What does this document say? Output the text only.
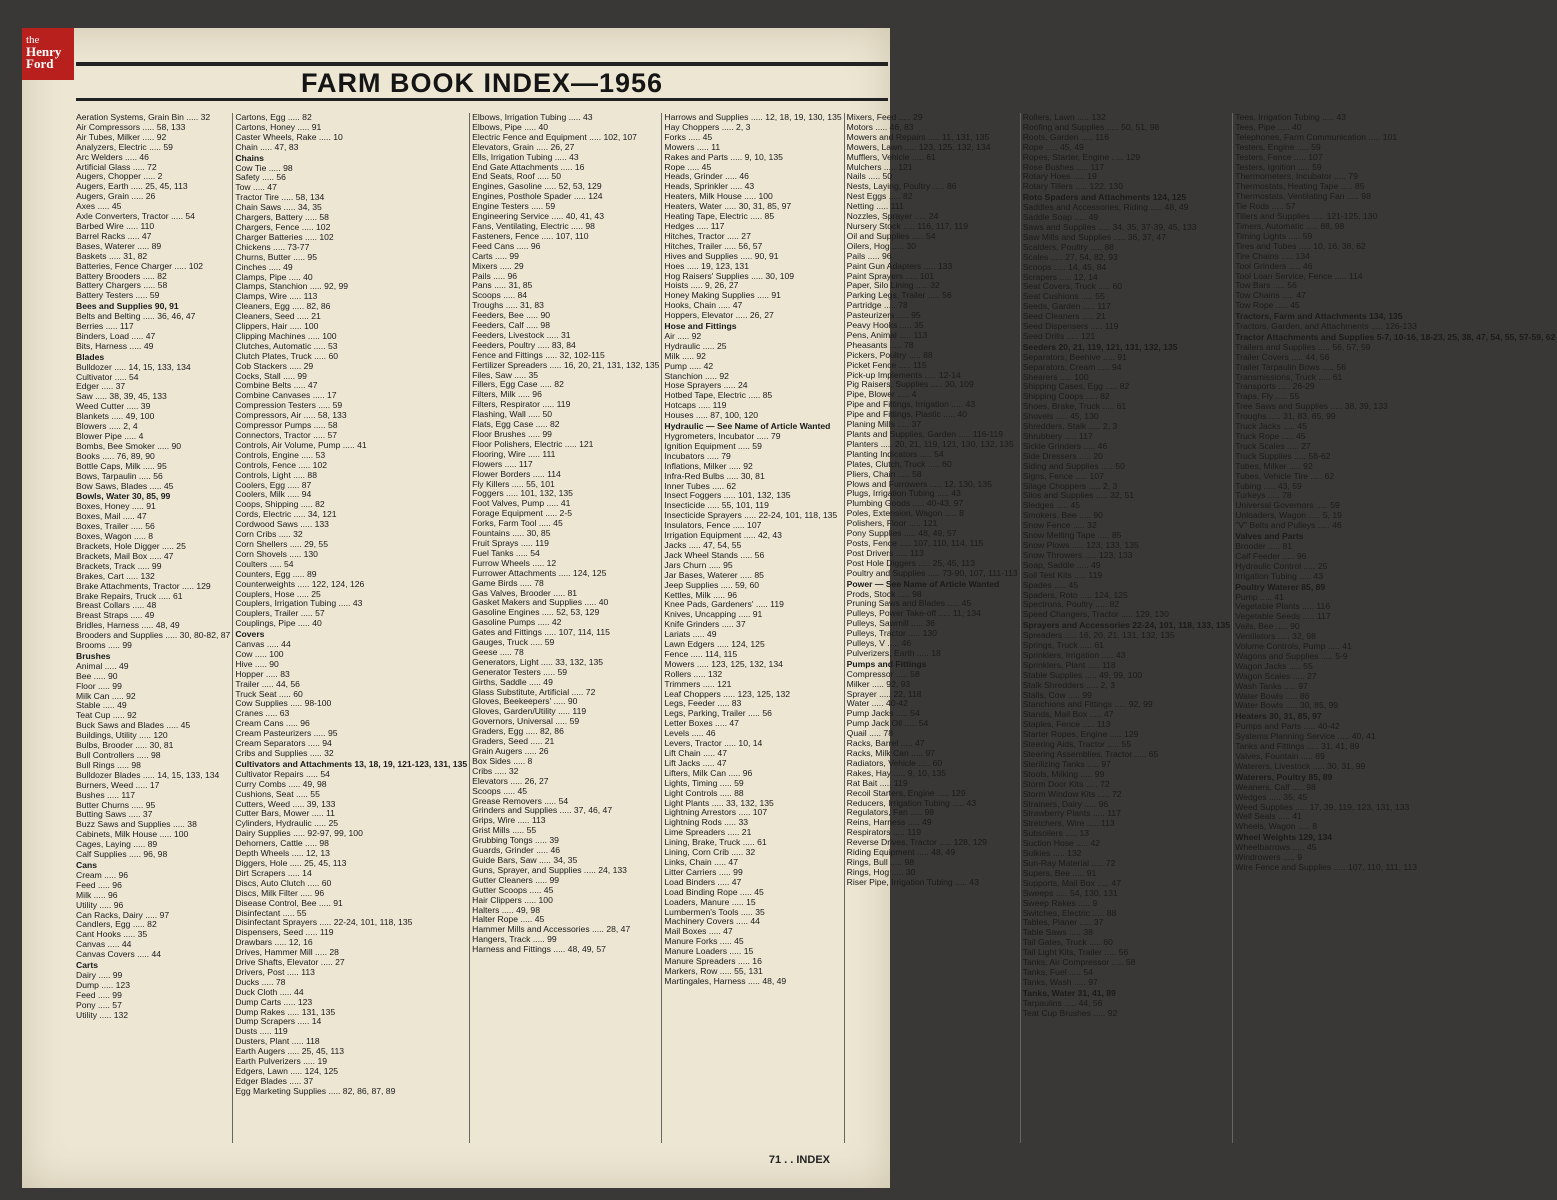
the
Henry
Ford
FARM BOOK INDEX—1956
Aeration Systems, Grain Bin ..... 32
Air Compressors ..... 58, 133
Air Tubes, Milker ..... 92
Analyzers, Electric ..... 59
Arc Welders ..... 46
Artificial Glass ..... 72
Augers, Chopper ..... 2
Augers, Earth ..... 25, 45, 113
Augers, Grain ..... 26
Axes ..... 45
Axle Converters, Tractor ..... 54
Barbed Wire ..... 110
Barrel Racks ..... 47
Bases, Waterer ..... 89
Baskets ..... 31, 82
Batteries, Fence Charger ..... 102
Battery Brooders ..... 82
Battery Chargers ..... 58
Battery Testers ..... 59
Bees and Supplies 90, 91
Belts and Belting ..... 36, 46, 47
Berries ..... 117
Binders, Load ..... 47
Bits, Harness ..... 49
Blades
Bulldozer ..... 14, 15, 133, 134
Cultivator ..... 54
Edger ..... 37
Saw ..... 38, 39, 45, 133
Weed Cutter ..... 39
Blankets ..... 49, 100
Blowers ..... 2, 4
Blower Pipe ..... 4
Bombs, Bee Smoker ..... 90
Books ..... 76, 89, 90
Bottle Caps, Milk ..... 95
Bows, Tarpaulin ..... 56
Bow Saws, Blades ..... 45
Bowls, Water 30, 85, 99
Boxes, Honey ..... 91
Boxes, Mail ..... 47
Boxes, Trailer ..... 56
Boxes, Wagon ..... 8
Brackets, Hole Digger ..... 25
Brackets, Mail Box ..... 47
Brackets, Track ..... 99
Brakes, Cart ..... 132
Brake Attachments, Tractor ..... 129
Brake Repairs, Truck ..... 61
Breast Collars ..... 48
Breast Straps ..... 49
Bridles, Harness ..... 48, 49
Brooders and Supplies ..... 30, 80-82, 87
Brooms ..... 99
Brushes
Animal ..... 49
Bee ..... 90
Floor ..... 99
Milk Can ..... 92
Stable ..... 49
Teat Cup ..... 92
Buck Saws and Blades ..... 45
Buildings, Utility ..... 120
Bulbs, Brooder ..... 30, 81
Bull Controllers ..... 98
Bull Rings ..... 98
Bulldozer Blades ..... 14, 15, 133, 134
Burners, Weed ..... 17
Bushes ..... 117
Butter Churns ..... 95
Butting Saws ..... 37
Buzz Saws and Supplies ..... 38
Cabinets, Milk House ..... 100
Cages, Laying ..... 89
Calf Supplies ..... 96, 98
Cans
Cream ..... 96
Feed ..... 96
Milk ..... 96
Utility ..... 96
Can Racks, Dairy ..... 97
Candlers, Egg ..... 82
Cant Hooks ..... 35
Canvas ..... 44
Canvas Covers ..... 44
Carts
Dairy ..... 99
Dump ..... 123
Feed ..... 99
Pony ..... 57
Utility ..... 132
Cartons, Egg ..... 82
Cartons, Honey ..... 91
Caster Wheels, Rake ..... 10
Chain ..... 47, 83
Chains
Cow Tie ..... 98
Safety ..... 56
Tow ..... 47
Tractor Tire ..... 58, 134
Chain Saws ..... 34, 35
Chargers, Battery ..... 58
Chargers, Fence ..... 102
Charger Batteries ..... 102
Chickens ..... 73-77
Churns, Butter ..... 95
Cinches ..... 49
Clamps, Pipe ..... 40
Clamps, Stanchion ..... 92, 99
Clamps, Wire ..... 113
Cleaners, Egg ..... 82, 86
Cleaners, Seed ..... 21
Clippers, Hair ..... 100
Clipping Machines ..... 100
Clutches, Automatic ..... 53
Clutch Plates, Truck ..... 60
Cob Stackers ..... 29
Cocks, Stall ..... 99
Combine Belts ..... 47
Combine Canvases ..... 17
Compression Testers ..... 59
Compressors, Air ..... 58, 133
Compressor Pumps ..... 58
Connectors, Tractor ..... 57
Controls, Air Volume, Pump ..... 41
Controls, Engine ..... 53
Controls, Fence ..... 102
Controls, Light ..... 88
Coolers, Egg ..... 87
Coolers, Milk ..... 94
Coops, Shipping ..... 82
Cords, Electric ..... 34, 121
Cordwood Saws ..... 133
Corn Cribs ..... 32
Corn Shellers ..... 29, 55
Corn Shovels ..... 130
Coulters ..... 54
Counters, Egg ..... 89
Counterweights ..... 122, 124, 126
Couplers, Hose ..... 25
Couplers, Irrigation Tubing ..... 43
Couplers, Trailer ..... 57
Couplings, Pipe ..... 40
Covers
Canvas ..... 44
Cow ..... 100
Hive ..... 90
Hopper ..... 83
Trailer ..... 44, 56
Truck Seat ..... 60
Cow Supplies ..... 98-100
Cranes ..... 63
Cream Cans ..... 96
Cream Pasteurizers ..... 95
Cream Separators ..... 94
Cribs and Supplies ..... 32
Cultivators and Attachments 13, 18, 19, 121-123, 131, 135
Cultivator Repairs ..... 54
Curry Combs ..... 49, 98
Cushions, Seat ..... 55
Cutters, Weed ..... 39, 133
Cutter Bars, Mower ..... 11
Cylinders, Hydraulic ..... 25
Dairy Supplies ..... 92-97, 99, 100
Dehorners, Cattle ..... 98
Depth Wheels ..... 12, 13
Diggers, Hole ..... 25, 45, 113
Dirt Scrapers ..... 14
Discs, Auto Clutch ..... 60
Discs, Milk Filter ..... 96
Disease Control, Bee ..... 91
Disinfectant ..... 55
Disinfectant Sprayers ..... 22-24, 101, 118, 135
Dispensers, Seed ..... 119
Drawbars ..... 12, 16
Drives, Hammer Mill ..... 28
Drive Shafts, Elevator ..... 27
Drivers, Post ..... 113
Ducks ..... 78
Duck Cloth ..... 44
Dump Carts ..... 123
Dump Rakes ..... 131, 135
Dump Scrapers ..... 14
Dusts ..... 119
Dusters, Plant ..... 118
Earth Augers ..... 25, 45, 113
Earth Pulverizers ..... 19
Edgers, Lawn ..... 124, 125
Edger Blades ..... 37
Egg Marketing Supplies ..... 82, 86, 87, 89
Elbows, Irrigation Tubing ..... 43
Elbows, Pipe ..... 40
Electric Fence and Equipment ..... 102, 107
Elevators, Grain ..... 26, 27
Ells, Irrigation Tubing ..... 43
End Gate Attachments ..... 16
End Seats, Roof ..... 50
Engines, Gasoline ..... 52, 53, 129
Engines, Posthole Spader ..... 124
Engine Testers ..... 59
Engineering Service ..... 40, 41, 43
Fans, Ventilating, Electric ..... 98
Fasteners, Fence ..... 107, 110
Feed Cans ..... 96
Carts ..... 99
Mixers ..... 29
Pails ..... 96
Pans ..... 31, 85
Scoops ..... 84
Troughs ..... 31, 83
Feeders, Bee ..... 90
Feeders, Calf ..... 98
Feeders, Livestock ..... 31
Feeders, Poultry ..... 83, 84
Fence and Fittings ..... 32, 102-115
Fertilizer Spreaders ..... 16, 20, 21, 131, 132, 135
Files, Saw ..... 35
Fillers, Egg Case ..... 82
Filters, Milk ..... 96
Filters, Respirator ..... 119
Flashing, Wall ..... 50
Flats, Egg Case ..... 82
Floor Brushes ..... 99
Floor Polishers, Electric ..... 121
Flooring, Wire ..... 111
Flowers ..... 117
Flower Borders ..... 114
Fly Killers ..... 55, 101
Foggers ..... 101, 132, 135
Foot Valves, Pump ..... 41
Forage Equipment ..... 2-5
Forks, Farm Tool ..... 45
Fountains ..... 30, 85
Fruit Sprays ..... 119
Fuel Tanks ..... 54
Furrow Wheels ..... 12
Furrower Attachments ..... 124, 125
Game Birds ..... 78
Gas Valves, Brooder ..... 81
Gasket Makers and Supplies ..... 40
Gasoline Engines ..... 52, 53, 129
Gasoline Pumps ..... 42
Gates and Fittings ..... 107, 114, 115
Gauges, Truck ..... 59
Geese ..... 78
Generators, Light ..... 33, 132, 135
Generator Testers ..... 59
Girths, Saddle ..... 49
Glass Substitute, Artificial ..... 72
Gloves, Beekeepers' ..... 90
Gloves, Garden/Utility ..... 119
Governors, Universal ..... 59
Graders, Egg ..... 82, 86
Graders, Seed ..... 21
Grain Augers ..... 26
Box Sides ..... 8
Cribs ..... 32
Elevators ..... 26, 27
Scoops ..... 45
Grease Removers ..... 54
Grinders and Supplies ..... 37, 46, 47
Grips, Wire ..... 113
Grist Mills ..... 55
Grubbing Tongs ..... 39
Guards, Grinder ..... 46
Guide Bars, Saw ..... 34, 35
Guns, Sprayer, and Supplies ..... 24, 133
Gutter Cleaners ..... 99
Gutter Scoops ..... 45
Hair Clippers ..... 100
Halters ..... 49, 98
Halter Rope ..... 45
Hammer Mills and Accessories ..... 28, 47
Hangers, Track ..... 99
Harness and Fittings ..... 48, 49, 57
Harrows and Supplies ..... 12, 18, 19, 130, 135
Hay Choppers ..... 2, 3
Forks ..... 45
Mowers ..... 11
Rakes and Parts ..... 9, 10, 135
Rope ..... 45
Heads, Grinder ..... 46
Heads, Sprinkler ..... 43
Heaters, Milk House ..... 100
Heaters, Water ..... 30, 31, 85, 97
Heating Tape, Electric ..... 85
Hedges ..... 117
Hitches, Tractor ..... 27
Hitches, Trailer ..... 56, 57
Hives and Supplies ..... 90, 91
Hoes ..... 19, 123, 131
Hog Raisers' Supplies ..... 30, 109
Hoists ..... 9, 26, 27
Honey Making Supplies ..... 91
Hooks, Chain ..... 47
Hoppers, Elevator ..... 26, 27
Hose and Fittings
Air ..... 92
Hydraulic ..... 25
Milk ..... 92
Pump ..... 42
Stanchion ..... 92
Hose Sprayers ..... 24
Hotbed Tape, Electric ..... 85
Hotcaps ..... 119
Houses ..... 87, 100, 120
Hydraulic — See Name of Article Wanted
Hygrometers, Incubator ..... 79
Ignition Equipment ..... 59
Incubators ..... 79
Inflations, Milker ..... 92
Infra-Red Bulbs ..... 30, 81
Inner Tubes ..... 62
Insect Foggers ..... 101, 132, 135
Insecticide ..... 55, 101, 119
Insecticide Sprayers ..... 22-24, 101, 118, 135
Insulators, Fence ..... 107
Irrigation Equipment ..... 42, 43
Jacks ..... 47, 54, 55
Jack Wheel Stands ..... 56
Jars Churn ..... 95
Jar Bases, Waterer ..... 85
Jeep Supplies ..... 59, 60
Kettles, Milk ..... 96
Knee Pads, Gardeners' ..... 119
Knives, Uncapping ..... 91
Knife Grinders ..... 37
Lariats ..... 49
Lawn Edgers ..... 124, 125
Fence ..... 114, 115
Mowers ..... 123, 125, 132, 134
Rollers ..... 132
Trimmers ..... 121
Leaf Choppers ..... 123, 125, 132
Legs, Feeder ..... 83
Legs, Parking, Trailer ..... 56
Letter Boxes ..... 47
Levels ..... 46
Levers, Tractor ..... 10, 14
Lift Chain ..... 47
Lift Jacks ..... 47
Lifters, Milk Can ..... 96
Lights, Timing ..... 59
Light Controls ..... 88
Light Plants ..... 33, 132, 135
Lightning Arrestors ..... 107
Lightning Rods ..... 33
Lime Spreaders ..... 21
Lining, Brake, Truck ..... 61
Lining, Corn Crib ..... 32
Links, Chain ..... 47
Litter Carriers ..... 99
Load Binders ..... 47
Load Binding Rope ..... 45
Loaders, Manure ..... 15
Lumbermen's Tools ..... 35
Machinery Covers ..... 44
Mail Boxes ..... 47
Manure Forks ..... 45
Manure Loaders ..... 15
Manure Spreaders ..... 16
Markers, Row ..... 55, 131
Martingales, Harness ..... 48, 49
Mixers, Feed ..... 29
Motors ..... 46, 83
Mowers and Repairs ..... 11, 131, 135
Mowers, Lawn ..... 123, 125, 132, 134
Mufflers, Vehicle ..... 61
Mulchers ..... 121
Nails ..... 50
Nests, Laying, Poultry ..... 86
Nest Eggs ..... 82
Netting ..... 111
Nozzles, Sprayer ..... 24
Nursery Stock ..... 116, 117, 119
Oil and Supplies ..... 54
Oilers, Hog ..... 30
Pails ..... 96
Paint Gun Adapters ..... 133
Paint Sprayers ..... 101
Paper, Silo Lining ..... 32
Parking Legs, Trailer ..... 56
Partridge ..... 78
Pasteurizers ..... 95
Peavy Hooks ..... 35
Pens, Animal ..... 113
Pheasants ..... 78
Pickers, Poultry ..... 88
Picket Fence ..... 115
Pick-up Implements ..... 12-14
Pig Raisers, Supplies ..... 30, 109
Pipe, Blower ..... 4
Pipe and Fittings, Irrigation ..... 43
Pipe and Fittings, Plastic ..... 40
Planing Mills ..... 37
Plants and Supplies, Garden ..... 116-119
Planters ..... 20, 21, 119, 121, 130, 132, 135
Planting Indicators ..... 54
Plates, Clutch, Truck ..... 60
Pliers, Chain ..... 58
Plows and Furrowers ..... 12, 130, 135
Plugs, Irrigation Tubing ..... 43
Plumbing Goods ..... 40-43, 97
Poles, Extension, Wagon ..... 8
Polishers, Floor ..... 121
Pony Supplies ..... 48, 49, 57
Posts, Fence ..... 107, 110, 114, 115
Post Drivers ..... 113
Post Hole Diggers ..... 25, 45, 113
Poultry and Supplies ..... 73-90, 107, 111-113
Power — See Name of Article Wanted
Prods, Stock ..... 98
Pruning Saws and Blades ..... 45
Pulleys, Power Take-off ..... 11, 134
Pulleys, Sawmill ..... 36
Pulleys, Tractor ..... 130
Pulleys, V ..... 46
Pulverizers, Earth ..... 18
Pumps and Fittings
Compressor ..... 58
Milker ..... 92, 93
Sprayer ..... 22, 118
Water ..... 40-42
Pump Jacks ..... 54
Pump Jack Oil ..... 54
Quail ..... 78
Racks, Barrel ..... 47
Racks, Milk Can ..... 97
Radiators, Vehicle ..... 60
Rakes, Hay ..... 9, 10, 135
Rat Bait ..... 119
Recoil Starters, Engine ..... 129
Reducers, Irrigation Tubing ..... 43
Regulators, Fan ..... 98
Reins, Harness ..... 49
Respirators ..... 119
Reverse Drives, Tractor ..... 128, 129
Riding Equipment ..... 48, 49
Rings, Bull ..... 98
Rings, Hog ..... 30
Riser Pipe, Irrigation Tubing ..... 43
Rollers, Lawn ..... 132
Roofing and Supplies ..... 50, 51, 98
Roots, Garden ..... 116
Rope ..... 45, 49
Ropes, Starter, Engine ..... 129
Rose Bushes ..... 117
Rotary Hoes ..... 19
Rotary Tillers ..... 122, 130
Roto Spaders and Attachments 124, 125
Saddles and Accessories, Riding ..... 48, 49
Saddle Soap ..... 49
Saws and Supplies ..... 34, 35, 37-39, 45, 133
Saw Mills and Supplies ..... 36, 37, 47
Scalders, Poultry ..... 88
Scales ..... 27, 54, 82, 93
Scoops ..... 14, 45, 84
Scrapers ..... 12, 14
Seat Covers, Truck ..... 60
Seat Cushions ..... 55
Seeds, Garden ..... 117
Seed Cleaners ..... 21
Seed Dispensers ..... 119
Seed Drills ..... 121
Seeders 20, 21, 119, 121, 131, 132, 135
Separators, Beehive ..... 91
Separators, Cream ..... 94
Shearers ..... 100
Shipping Cases, Egg ..... 82
Shipping Coops ..... 82
Shoes, Brake, Truck ..... 61
Shovels ..... 45, 130
Shredders, Stalk ..... 2, 3
Shrubbery ..... 117
Sickle Grinders ..... 46
Side Dressers ..... 20
Siding and Supplies ..... 50
Signs, Fence ..... 107
Silage Choppers ..... 2, 3
Silos and Supplies ..... 32, 51
Sledges ..... 45
Smokers, Bee ..... 90
Snow Fence ..... 32
Snow Melting Tape ..... 85
Snow Plows ..... 123, 133, 135
Snow Throwers ..... 123, 133
Soap, Saddle ..... 49
Soil Test Kits ..... 119
Spades ..... 45
Spaders, Roto ..... 124, 125
Spectrons, Poultry ..... 82
Speed Changers, Tractor ..... 129, 130
Sprayers and Accessories 22-24, 101, 118, 133, 135
Spreaders ..... 16, 20, 21, 131, 132, 135
Springs, Truck ..... 61
Sprinklers, Irrigation ..... 43
Sprinklers, Plant ..... 118
Stable Supplies ..... 49, 99, 100
Stalk Shredders ..... 2, 3
Stalls, Cow ..... 99
Stanchions and Fittings ..... 92, 99
Stands, Mail Box ..... 47
Staples, Fence ..... 113
Starter Ropes, Engine ..... 129
Steering Aids, Tractor ..... 55
Steering Assemblies, Tractor ..... 65
Sterilizing Tanks ..... 97
Stools, Milking ..... 99
Storm Door Kits ..... 72
Storm Window Kits ..... 72
Strainers, Dairy ..... 96
Strawberry Plants ..... 117
Stretchers, Wire ..... 113
Subsoilers ..... 13
Suction Hose ..... 42
Sulkies ..... 132
Sun-Ray Material ..... 72
Supers, Bee ..... 91
Supports, Mail Box ..... 47
Sweeps ..... 54, 130, 131
Sweep Rakes ..... 9
Switches, Electric ..... 88
Tables, Planer ..... 37
Table Saws ..... 38
Tail Gates, Truck ..... 60
Tail Light Kits, Trailer ..... 56
Tanks, Air Compressor ..... 58
Tanks, Fuel ..... 54
Tanks, Wash ..... 97
Tanks, Water 31, 41, 89
Tarpaulins ..... 44, 56
Teat Cup Brushes ..... 92
Tees, Irrigation Tubing ..... 43
Tees, Pipe ..... 40
Telephones, Farm Communication ..... 101
Testers, Engine ..... 59
Testers, Fence ..... 107
Testers, Ignition ..... 59
Thermometers, Incubator ..... 79
Thermostats, Heating Tape ..... 85
Thermostats, Ventilating Fan ..... 98
Tie Rods ..... 57
Tillers and Supplies ..... 121-125, 130
Timers, Automatic ..... 88, 98
Timing Lights ..... 59
Tires and Tubes ..... 10, 16, 38, 62
Tire Chains ..... 134
Tool Grinders ..... 46
Tool Loan Service, Fence ..... 114
Tow Bars ..... 56
Tow Chains ..... 47
Tow Rope ..... 45
Tractors, Farm and Attachments 134, 135
Tractors, Garden, and Attachments ..... 126-133
Tractor Attachments and Supplies 5-7, 10-16, 18-23, 25, 38, 47, 54, 55, 57-59, 62
Trailers and Supplies ..... 56, 57, 59
Trailer Covers ..... 44, 56
Trailer Tarpaulin Bows ..... 56
Transmissions, Truck ..... 61
Transports ..... 26-29
Traps, Fly ..... 55
Tree Saws and Supplies ..... 38, 39, 133
Troughs ..... 31, 83, 85, 99
Truck Jacks ..... 45
Truck Rope ..... 45
Truck Scales ..... 27
Truck Supplies ..... 58-62
Tubes, Milker ..... 92
Tubes, Vehicle Tire ..... 62
Tubing ..... 43, 59
Turkeys ..... 78
Universal Governors ..... 59
Unloaders, Wagon ..... 5, 19
"V" Belts and Pulleys ..... 46
Valves and Parts
Brooder ..... 81
Calf Feeder ..... 96
Hydraulic Control ..... 25
Irrigation Tubing ..... 43
Poultry Waterer 85, 89
Pump ..... 41
Vegetable Plants ..... 116
Vegetable Seeds ..... 117
Veils, Bee ..... 90
Ventilators ..... 32, 98
Volume Controls, Pump ..... 41
Wagons and Supplies ..... 5-9
Wagon Jacks ..... 55
Wagon Scales ..... 27
Wash Tanks ..... 97
Water Bowls ..... 86
Water Bowls ..... 30, 85, 99
Heaters 30, 31, 85, 97
Pumps and Parts ..... 40-42
Systems Planning Service ..... 40, 41
Tanks and Fittings ..... 31, 41, 89
Valves, Fountain ..... 89
Waterers, Livestock ..... 30, 31, 99
Waterers, Poultry 85, 89
Weaners, Calf ..... 98
Wedges ..... 35, 45
Weed Supplies ..... 17, 39, 119, 123, 131, 133
Well Seals ..... 41
Wheels, Wagon ..... 8
Wheel Weights 129, 134
Wheelbarrows ..... 45
Windrowers ..... 9
Wire Fence and Supplies ..... 107, 110, 111, 113
71 . . INDEX
